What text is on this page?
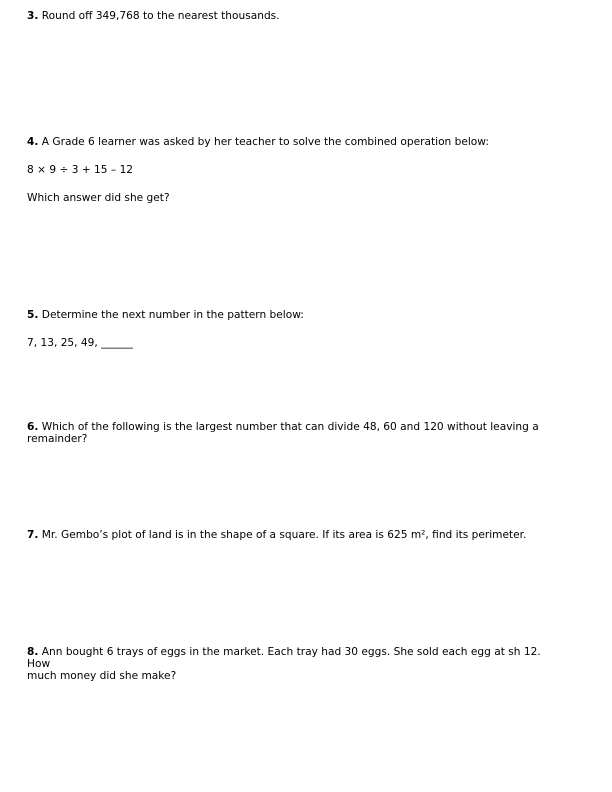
3. Round off 349,768 to the nearest thousands.

4. A Grade 6 learner was asked by her teacher to solve the combined operation below:

8 × 9 ÷ 3 + 15 – 12

Which answer did she get?

5. Determine the next number in the pattern below:

7, 13, 25, 49, ______

6. Which of the following is the largest number that can divide 48, 60 and 120 without leaving a

remainder?

7. Mr. Gembo’s plot of land is in the shape of a square. If its area is 625 m², find its perimeter.

8. Ann bought 6 trays of eggs in the market. Each tray had 30 eggs. She sold each egg at sh 12. How

much money did she make?
